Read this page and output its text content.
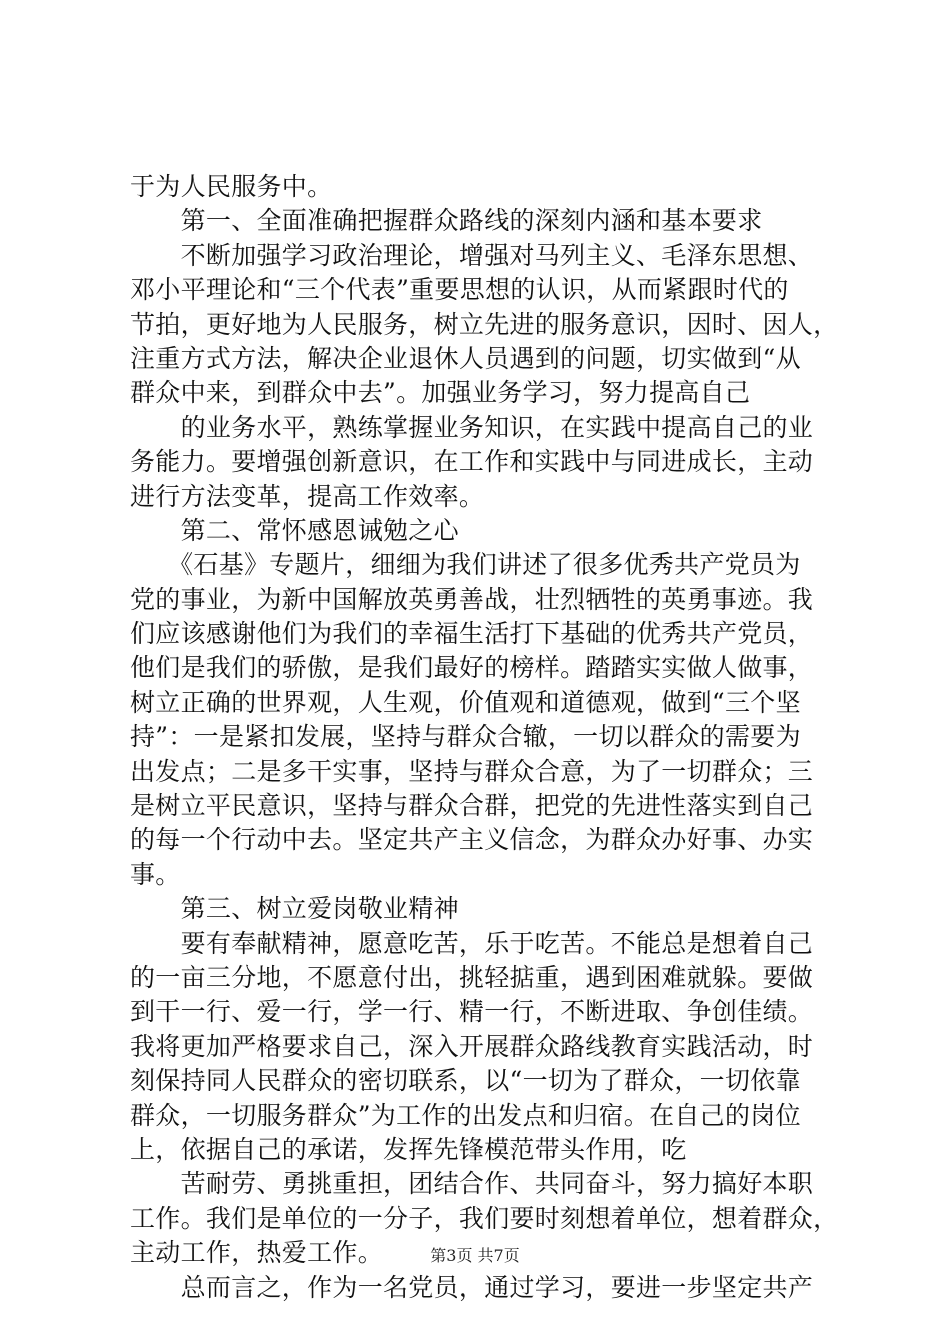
于为人民服务中。
　　第一、全面准确把握群众路线的深刻内涵和基本要求
　　不断加强学习政治理论，增强对马列主义、毛泽东思想、
邓小平理论和“三个代表”重要思想的认识，从而紧跟时代的
节拍，更好地为人民服务，树立先进的服务意识，因时、因人，
注重方式方法，解决企业退休人员遇到的问题，切实做到“从
群众中来，到群众中去”。加强业务学习，努力提高自己
　　的业务水平，熟练掌握业务知识，在实践中提高自己的业
务能力。要增强创新意识，在工作和实践中与同进成长，主动
进行方法变革，提高工作效率。
　　第二、常怀感恩诫勉之心
　　《石基》专题片，细细为我们讲述了很多优秀共产党员为
党的事业，为新中国解放英勇善战，壮烈牺牲的英勇事迹。我
们应该感谢他们为我们的幸福生活打下基础的优秀共产党员，
他们是我们的骄傲，是我们最好的榜样。踏踏实实做人做事，
树立正确的世界观，人生观，价值观和道德观，做到“三个坚
持”：一是紧扣发展，坚持与群众合辙，一切以群众的需要为
出发点；二是多干实事，坚持与群众合意，为了一切群众；三
是树立平民意识，坚持与群众合群，把党的先进性落实到自己
的每一个行动中去。坚定共产主义信念，为群众办好事、办实
事。
　　第三、树立爱岗敬业精神
　　要有奉献精神，愿意吃苦，乐于吃苦。不能总是想着自己
的一亩三分地，不愿意付出，挑轻掂重，遇到困难就躲。要做
到干一行、爱一行，学一行、精一行，不断进取、争创佳绩。
我将更加严格要求自己，深入开展群众路线教育实践活动，时
刻保持同人民群众的密切联系，以“一切为了群众，一切依靠
群众，一切服务群众”为工作的出发点和归宿。在自己的岗位
上，依据自己的承诺，发挥先锋模范带头作用，吃
　　苦耐劳、勇挑重担，团结合作、共同奋斗，努力搞好本职
工作。我们是单位的一分子，我们要时刻想着单位，想着群众，
主动工作，热爱工作。
　　总而言之，作为一名党员，通过学习，要进一步坚定共产
第3页 共7页
